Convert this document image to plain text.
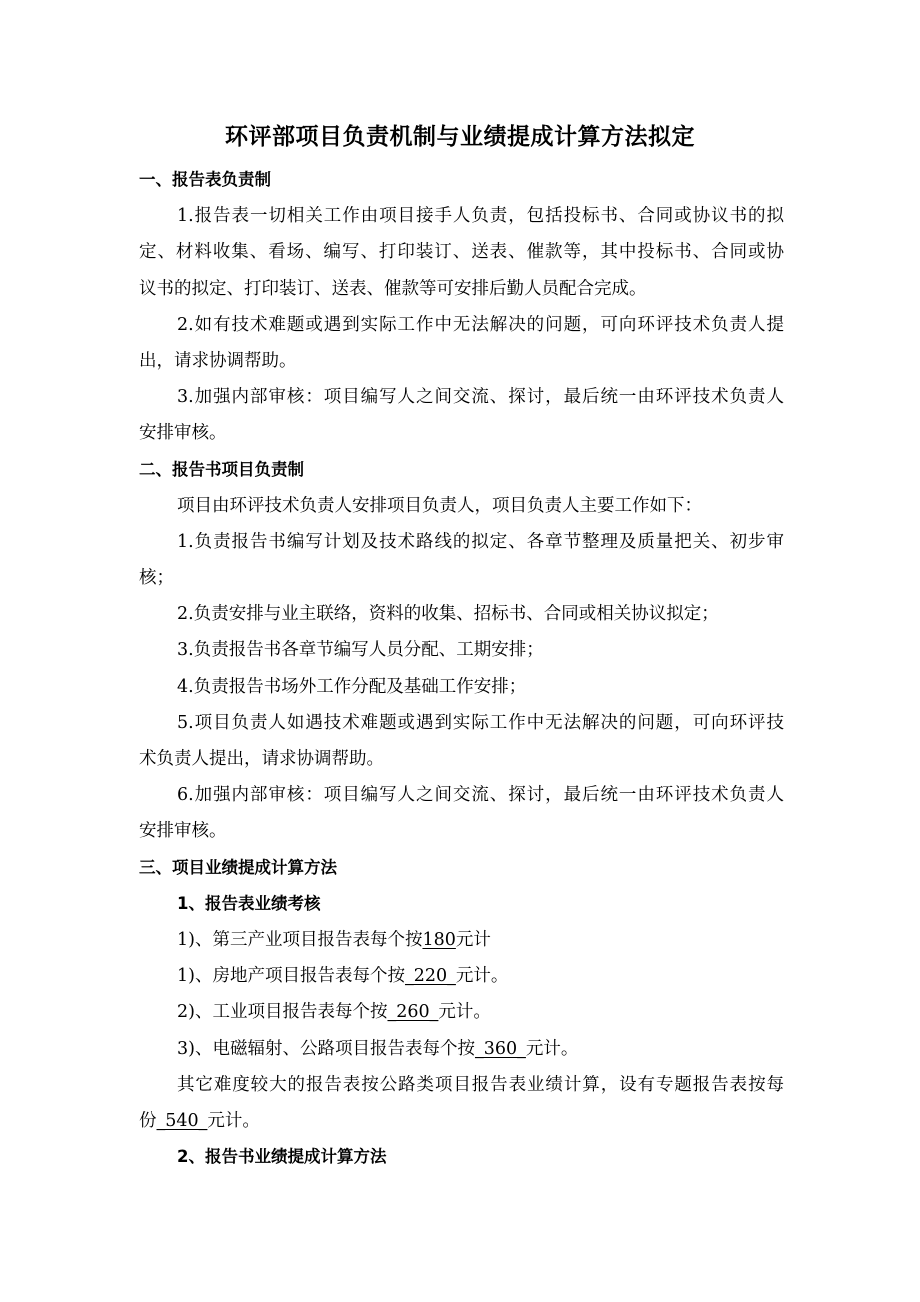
环评部项目负责机制与业绩提成计算方法拟定
一、报告表负责制
1.报告表一切相关工作由项目接手人负责，包括投标书、合同或协议书的拟
定、材料收集、看场、编写、打印装订、送表、催款等，其中投标书、合同或协
议书的拟定、打印装订、送表、催款等可安排后勤人员配合完成。
2.如有技术难题或遇到实际工作中无法解决的问题，可向环评技术负责人提
出，请求协调帮助。
3.加强内部审核：项目编写人之间交流、探讨，最后统一由环评技术负责人
安排审核。
二、报告书项目负责制
项目由环评技术负责人安排项目负责人，项目负责人主要工作如下：
1.负责报告书编写计划及技术路线的拟定、各章节整理及质量把关、初步审
核；
2.负责安排与业主联络，资料的收集、招标书、合同或相关协议拟定；
3.负责报告书各章节编写人员分配、工期安排；
4.负责报告书场外工作分配及基础工作安排；
5.项目负责人如遇技术难题或遇到实际工作中无法解决的问题，可向环评技
术负责人提出，请求协调帮助。
6.加强内部审核：项目编写人之间交流、探讨，最后统一由环评技术负责人
安排审核。
三、项目业绩提成计算方法
1、报告表业绩考核
1)、第三产业项目报告表每个按180元计
1)、房地产项目报告表每个按_220_元计。
2)、工业项目报告表每个按_260_元计。
3)、电磁辐射、公路项目报告表每个按_360_元计。
其它难度较大的报告表按公路类项目报告表业绩计算，设有专题报告表按每
份_540_元计。
2、报告书业绩提成计算方法
